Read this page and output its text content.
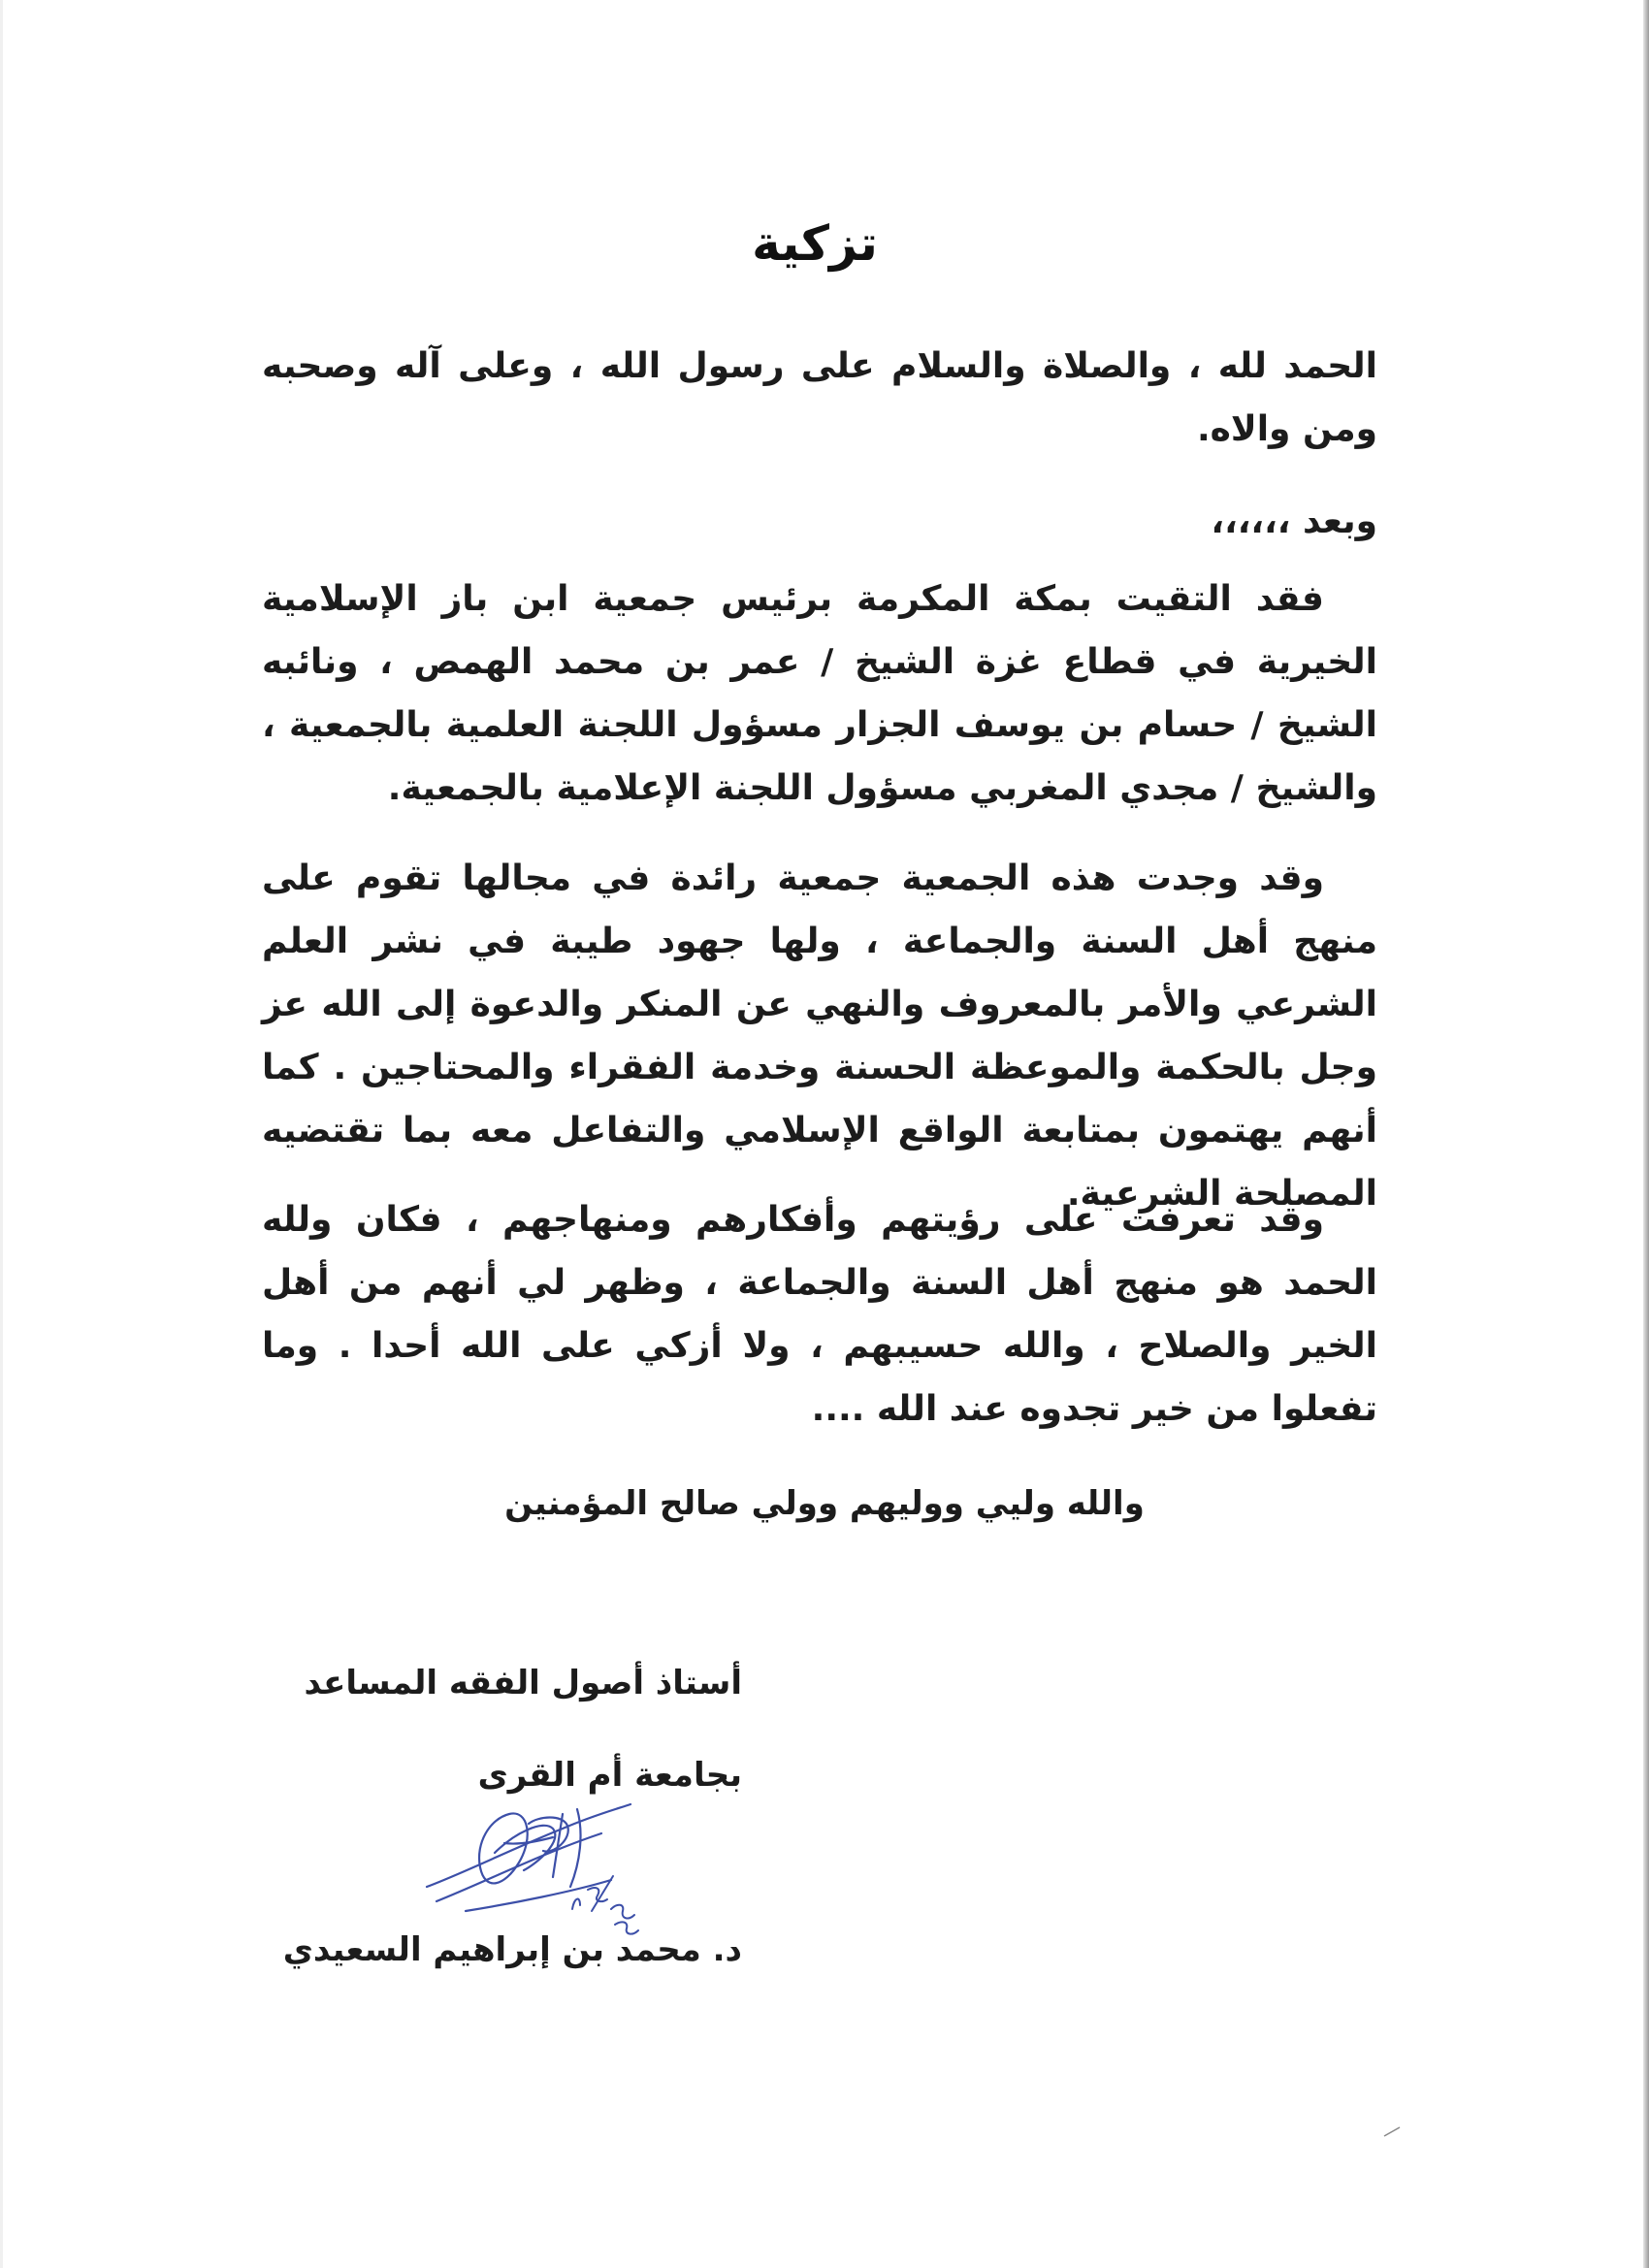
تزكية
الحمد لله ، والصلاة والسلام على رسول الله ، وعلى آله وصحبه ومن والاه.
وبعد ،،،،،،
فقد التقيت بمكة المكرمة برئيس جمعية ابن باز الإسلامية الخيرية في قطاع غزة الشيخ / عمر بن محمد الهمص ، ونائبه الشيخ / حسام بن يوسف الجزار مسؤول اللجنة العلمية بالجمعية ، والشيخ / مجدي المغربي مسؤول اللجنة الإعلامية بالجمعية.
وقد وجدت هذه الجمعية جمعية رائدة في مجالها تقوم على منهج أهل السنة والجماعة ، ولها جهود طيبة في نشر العلم الشرعي والأمر بالمعروف والنهي عن المنكر والدعوة إلى الله عز وجل بالحكمة والموعظة الحسنة وخدمة الفقراء والمحتاجين . كما أنهم يهتمون بمتابعة الواقع الإسلامي والتفاعل معه بما تقتضيه المصلحة الشرعية.
وقد تعرفت على رؤيتهم وأفكارهم ومنهاجهم ، فكان ولله الحمد هو منهج أهل السنة والجماعة ، وظهر لي أنهم من أهل الخير والصلاح ، والله حسيبهم ، ولا أزكي على الله أحدا . وما تفعلوا من خير تجدوه عند الله ....
والله وليي ووليهم وولي صالح المؤمنين
أستاذ أصول الفقه المساعد
بجامعة أم القرى
د. محمد بن إبراهيم السعيدي
